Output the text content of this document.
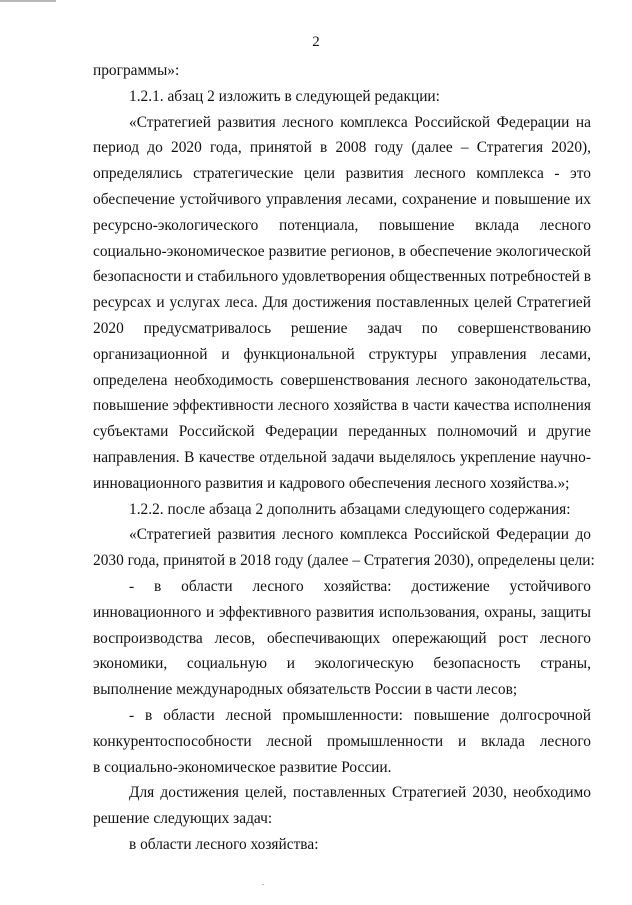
2
программы»:
1.2.1. абзац 2 изложить в следующей редакции:
«Стратегией развития лесного комплекса Российской Федерации на
период до 2020 года, принятой в 2008 году (далее – Стратегия 2020),
определялись стратегические цели развития лесного комплекса - это
обеспечение устойчивого управления лесами, сохранение и повышение их
ресурсно-экологического потенциала, повышение вклада лесного
социально-экономическое развитие регионов, в обеспечение экологической
безопасности и стабильного удовлетворения общественных потребностей в
ресурсах и услугах леса. Для достижения поставленных целей Стратегией
2020 предусматривалось решение задач по совершенствованию
организационной и функциональной структуры управления лесами,
определена необходимость совершенствования лесного законодательства,
повышение эффективности лесного хозяйства в части качества исполнения
субъектами Российской Федерации переданных полномочий и другие
направления. В качестве отдельной задачи выделялось укрепление научно-
инновационного развития и кадрового обеспечения лесного хозяйства.»;
1.2.2. после абзаца 2 дополнить абзацами следующего содержания:
«Стратегией развития лесного комплекса Российской Федерации до
2030 года, принятой в 2018 году (далее – Стратегия 2030), определены цели:
- в области лесного хозяйства: достижение устойчивого
инновационного и эффективного развития использования, охраны, защиты
воспроизводства лесов, обеспечивающих опережающий рост лесного
экономики, социальную и экологическую безопасность страны,
выполнение международных обязательств России в части лесов;
- в области лесной промышленности: повышение долгосрочной
конкурентоспособности лесной промышленности и вклада лесного
в социально-экономическое развитие России.
Для достижения целей, поставленных Стратегией 2030, необходимо
решение следующих задач:
в области лесного хозяйства:
